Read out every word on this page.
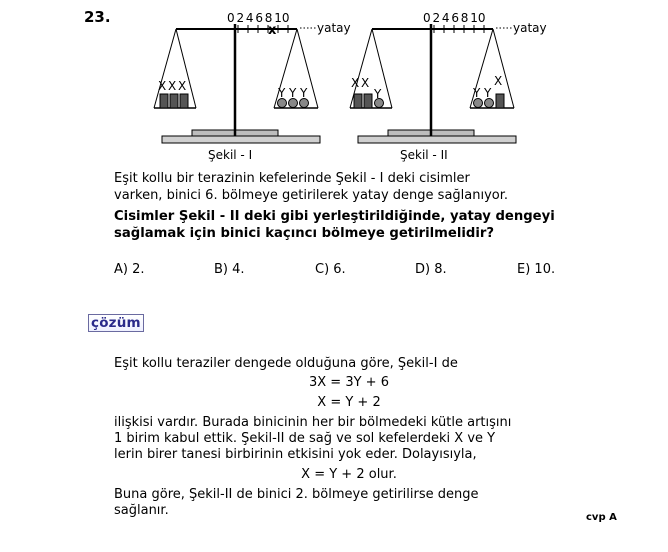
23.	0 2 4 6 8 10
x	yatay
X X X	Y Y Y
Şekil - I
0 2 4 6 8 10
yatay
X X
Y	Y Y
X
Şekil - II
Eşit kollu bir terazinin kefelerinde Şekil - I deki cisimler
varken, binici 6. bölmeye getirilerek yatay denge sağlanıyor.
Cisimler Şekil - II deki gibi yerleştirildiğinde, yatay dengeyi
sağlamak için binici kaçıncı bölmeye getirilmelidir?
A) 2.	B) 4.	C) 6.	D) 8.	E) 10.
çözüm
Eşit kollu teraziler dengede olduğuna göre, Şekil-I de
3X = 3Y + 6
X = Y + 2
ilişkisi vardır. Burada binicinin her bir bölmedeki kütle artışını
1 birim kabul ettik. Şekil-II de sağ ve sol kefelerdeki X ve Y
lerin birer tanesi birbirinin etkisini yok eder. Dolayısıyla,
X = Y + 2 olur.
Buna göre, Şekil-II de binici 2. bölmeye getirilirse denge
sağlanır.	cvp A
